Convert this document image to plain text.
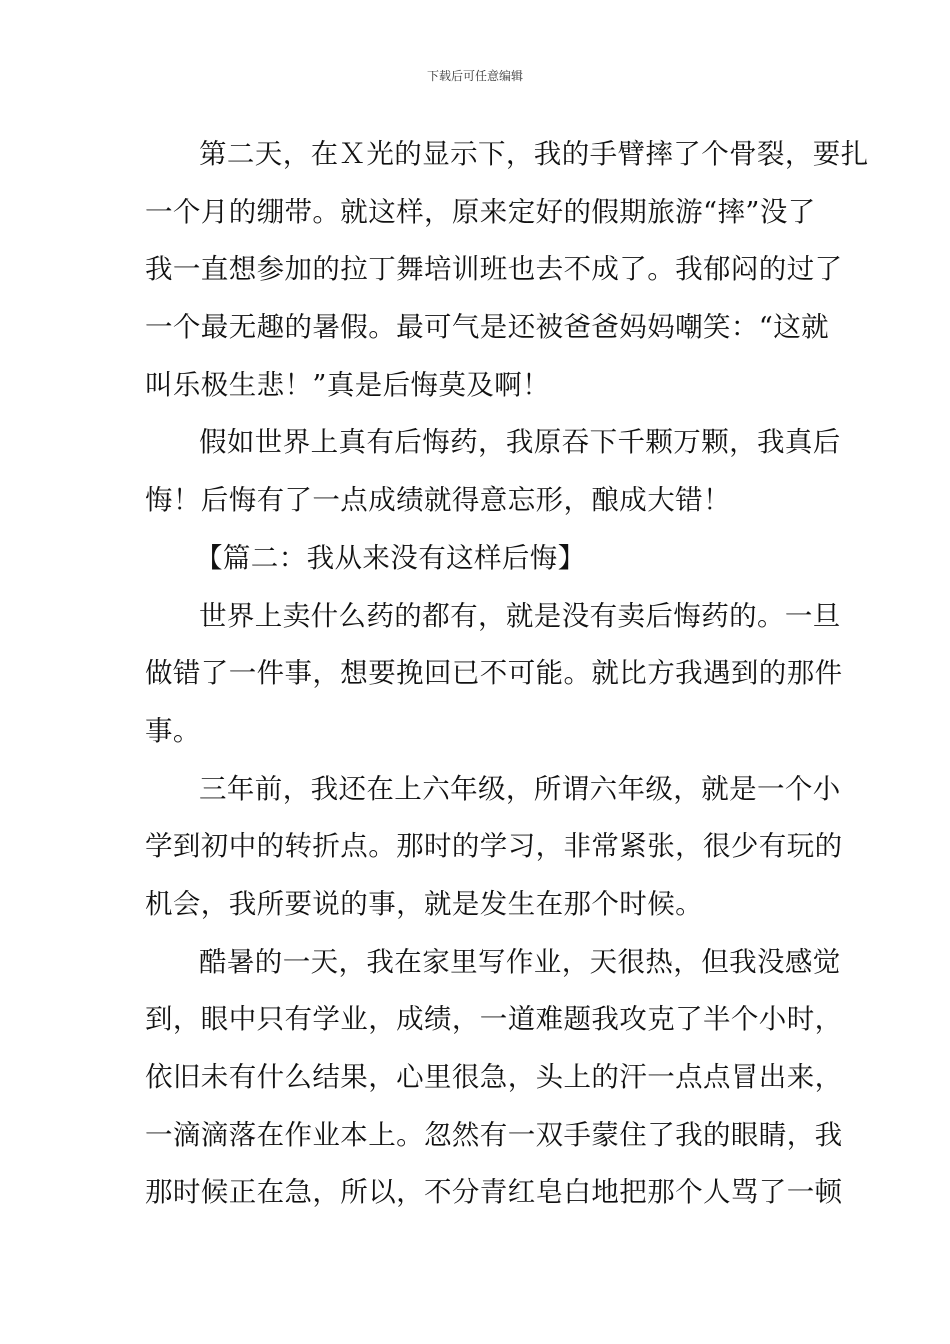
下载后可任意编辑
第二天，在Ｘ光的显示下，我的手臂摔了个骨裂，要扎
一个月的绷带。就这样，原来定好的假期旅游“摔”没了
我一直想参加的拉丁舞培训班也去不成了。我郁闷的过了
一个最无趣的暑假。最可气是还被爸爸妈妈嘲笑：“这就
叫乐极生悲！”真是后悔莫及啊！
假如世界上真有后悔药，我原吞下千颗万颗，我真后
悔！后悔有了一点成绩就得意忘形，酿成大错！
【篇二：我从来没有这样后悔】
世界上卖什么药的都有，就是没有卖后悔药的。一旦
做错了一件事，想要挽回已不可能。就比方我遇到的那件
事。
三年前，我还在上六年级，所谓六年级，就是一个小
学到初中的转折点。那时的学习，非常紧张，很少有玩的
机会，我所要说的事，就是发生在那个时候。
酷暑的一天，我在家里写作业，天很热，但我没感觉
到，眼中只有学业，成绩，一道难题我攻克了半个小时，
依旧未有什么结果，心里很急，头上的汗一点点冒出来，
一滴滴落在作业本上。忽然有一双手蒙住了我的眼睛，我
那时候正在急，所以，不分青红皂白地把那个人骂了一顿
